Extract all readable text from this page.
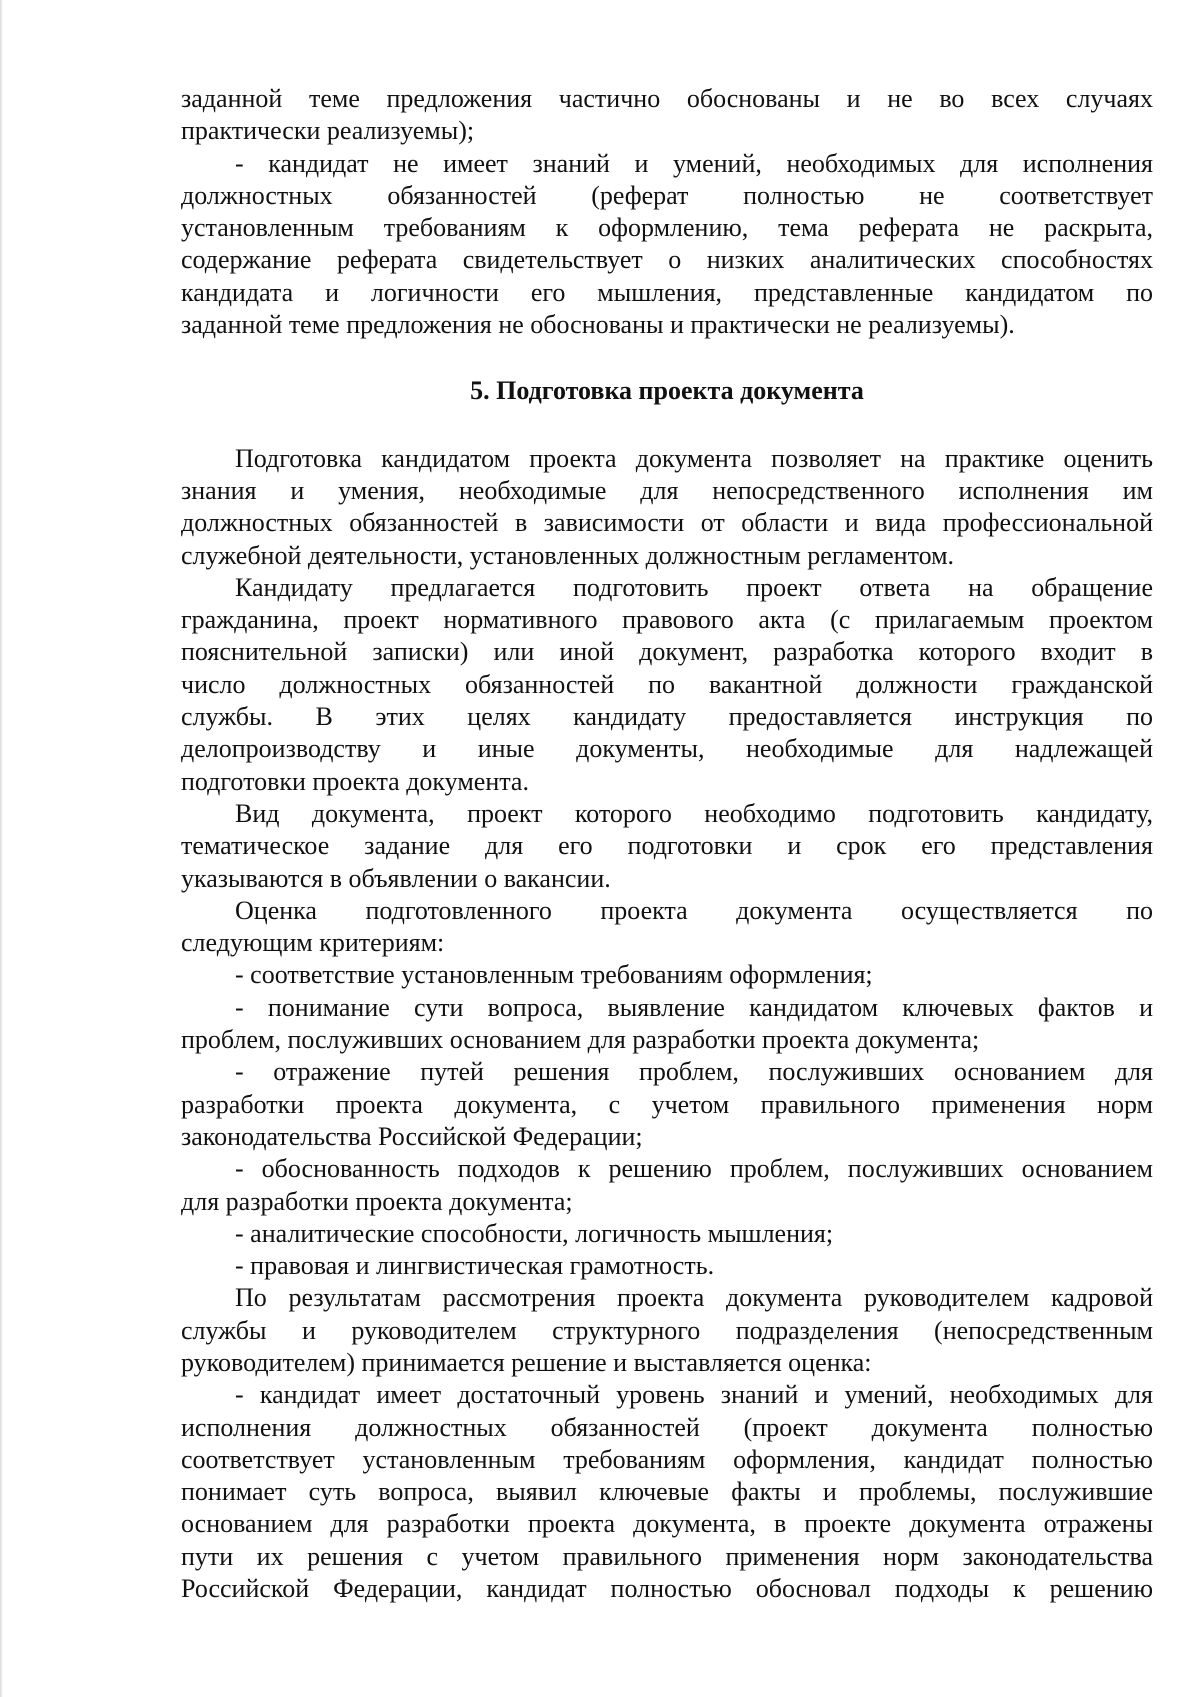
заданной теме предложения частично обоснованы и не во всех случаях
практически реализуемы);
- кандидат не имеет знаний и умений, необходимых для исполнения
должностных обязанностей (реферат полностью не соответствует
установленным требованиям к оформлению, тема реферата не раскрыта,
содержание реферата свидетельствует о низких аналитических способностях
кандидата и логичности его мышления, представленные кандидатом по
заданной теме предложения не обоснованы и практически не реализуемы).
5. Подготовка проекта документа
Подготовка кандидатом проекта документа позволяет на практике оценить
знания и умения, необходимые для непосредственного исполнения им
должностных обязанностей в зависимости от области и вида профессиональной
служебной деятельности, установленных должностным регламентом.
Кандидату предлагается подготовить проект ответа на обращение
гражданина, проект нормативного правового акта (с прилагаемым проектом
пояснительной записки) или иной документ, разработка которого входит в
число должностных обязанностей по вакантной должности гражданской
службы. В этих целях кандидату предоставляется инструкция по
делопроизводству и иные документы, необходимые для надлежащей
подготовки проекта документа.
Вид документа, проект которого необходимо подготовить кандидату,
тематическое задание для его подготовки и срок его представления
указываются в объявлении о вакансии.
Оценка подготовленного проекта документа осуществляется по
следующим критериям:
- соответствие установленным требованиям оформления;
- понимание сути вопроса, выявление кандидатом ключевых фактов и
проблем, послуживших основанием для разработки проекта документа;
- отражение путей решения проблем, послуживших основанием для
разработки проекта документа, с учетом правильного применения норм
законодательства Российской Федерации;
- обоснованность подходов к решению проблем, послуживших основанием
для разработки проекта документа;
- аналитические способности, логичность мышления;
- правовая и лингвистическая грамотность.
По результатам рассмотрения проекта документа руководителем кадровой
службы и руководителем структурного подразделения (непосредственным
руководителем) принимается решение и выставляется оценка:
- кандидат имеет достаточный уровень знаний и умений, необходимых для
исполнения должностных обязанностей (проект документа полностью
соответствует установленным требованиям оформления, кандидат полностью
понимает суть вопроса, выявил ключевые факты и проблемы, послужившие
основанием для разработки проекта документа, в проекте документа отражены
пути их решения с учетом правильного применения норм законодательства
Российской Федерации, кандидат полностью обосновал подходы к решению
